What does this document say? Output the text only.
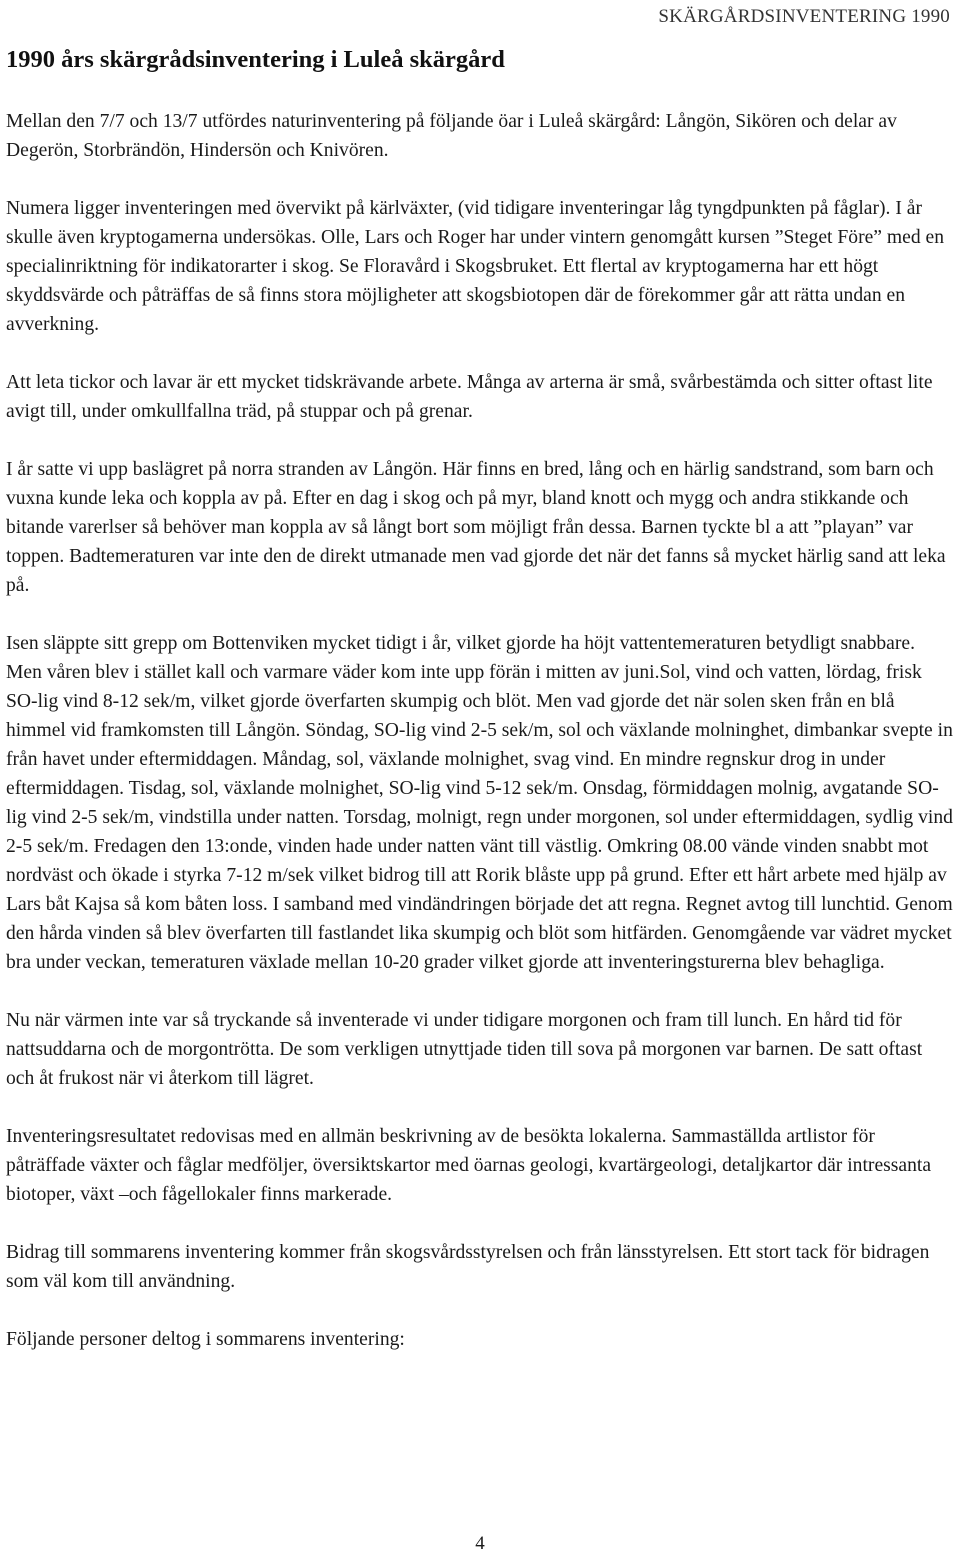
SKÄRGÅRDSINVENTERING 1990
1990 års skärgrådsinventering i Luleå skärgård

Mellan den 7/7 och 13/7 utfördes naturinventering på följande öar i Luleå skärgård: Långön, Sikören och delar av Degerön, Storbrändön, Hindersön och Knivören.

Numera ligger inventeringen med övervikt på kärlväxter, (vid tidigare inventeringar låg tyngdpunkten på fåglar). I år skulle även kryptogamerna undersökas. Olle, Lars och Roger har under vintern genomgått kursen ”Steget Före” med en specialinriktning för indikatorarter i skog. Se Floravård i Skogsbruket. Ett flertal av kryptogamerna har ett högt skyddsvärde och påträffas de så finns stora möjligheter att skogsbiotopen där de förekommer går att rätta undan en avverkning.

Att leta tickor och lavar är ett mycket tidskrävande arbete. Många av arterna är små, svårbestämda och sitter oftast lite avigt till, under omkullfallna träd, på stuppar och på grenar.

I år satte vi upp baslägret på norra stranden av Långön. Här finns en bred, lång och en härlig sandstrand, som barn och vuxna kunde leka och koppla av på. Efter en dag i skog och på myr, bland knott och mygg och andra stikkande och bitande varerlser så behöver man koppla av så långt bort som möjligt från dessa. Barnen tyckte bl a att ”playan” var toppen. Badtemeraturen var inte den de direkt utmanade men vad gjorde det när det fanns så mycket härlig sand att leka på.

Isen släppte sitt grepp om Bottenviken mycket tidigt i år, vilket gjorde ha höjt vattentemeraturen betydligt snabbare. Men våren blev i stället kall och varmare väder kom inte upp förän i mitten av juni.Sol, vind och vatten, lördag, frisk SO-lig vind 8-12 sek/m, vilket gjorde överfarten skumpig och blöt. Men vad gjorde det när solen sken från en blå himmel vid framkomsten till Långön. Söndag, SO-lig vind 2-5 sek/m, sol och växlande molninghet, dimbankar svepte in från havet under eftermiddagen. Måndag, sol, växlande molnighet, svag vind. En mindre regnskur drog in under eftermiddagen. Tisdag, sol, växlande molnighet, SO-lig vind 5-12 sek/m. Onsdag, förmiddagen molnig, avgatande SO-lig vind 2-5 sek/m, vindstilla under natten. Torsdag, molnigt, regn under morgonen, sol under eftermiddagen, sydlig vind 2-5 sek/m. Fredagen den 13:onde, vinden hade under natten vänt till västlig. Omkring 08.00 vände vinden snabbt mot nordväst och ökade i styrka 7-12 m/sek vilket bidrog till att Rorik blåste upp på grund. Efter ett hårt arbete med hjälp av Lars båt Kajsa så kom båten loss. I samband med vindändringen började det att regna. Regnet avtog till lunchtid. Genom den hårda vinden så blev överfarten till fastlandet lika skumpig och blöt som hitfärden. Genomgående var vädret mycket bra under veckan, temeraturen växlade mellan 10-20 grader vilket gjorde att inventeringsturerna blev behagliga.

Nu när värmen inte var så tryckande så inventerade vi under tidigare morgonen och fram till lunch. En hård tid för nattsuddarna och de morgontrötta. De som verkligen utnyttjade tiden till sova på morgonen var barnen. De satt oftast och åt frukost när vi återkom till lägret.

Inventeringsresultatet redovisas med en allmän beskrivning av de besökta lokalerna. Sammaställda artlistor för påträffade växter och fåglar medföljer, översiktskartor med öarnas geologi, kvartärgeologi, detaljkartor där intressanta biotoper, växt –och fågellokaler finns markerade.

Bidrag till sommarens inventering kommer från skogsvårdsstyrelsen och från länsstyrelsen. Ett stort tack för bidragen som väl kom till användning.

Följande personer deltog i sommarens inventering:

4
